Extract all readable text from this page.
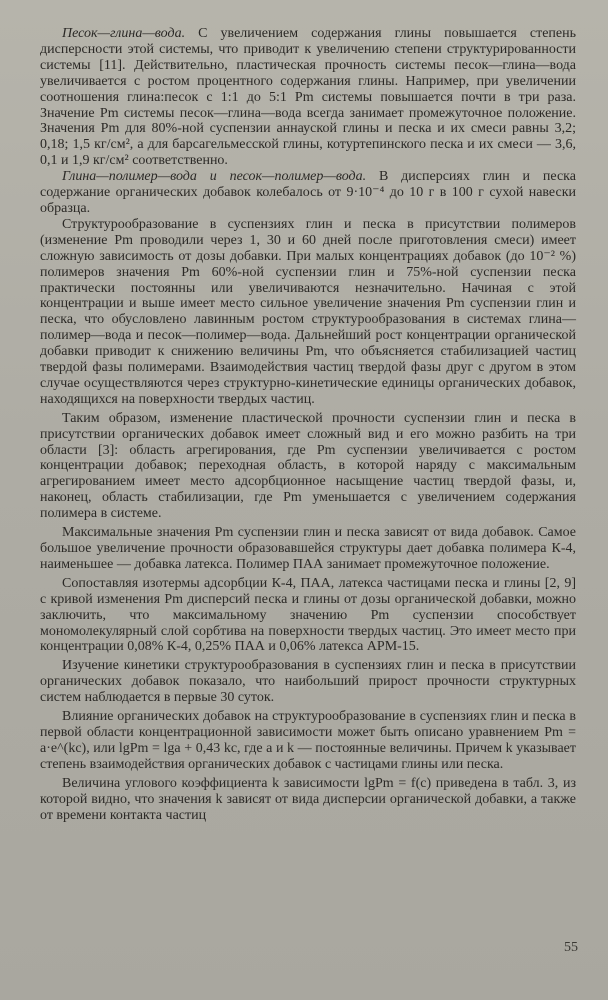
Песок—глина—вода. С увеличением содержания глины повышается степень дисперсности этой системы, что приводит к увеличению степени структурированности системы [11]. Действительно, пластическая прочность системы песок—глина—вода увеличивается с ростом процентного содержания глины. Например, при увеличении соотношения глина:песок с 1:1 до 5:1 Pm системы повышается почти в три раза. Значение Pm системы песок—глина—вода всегда занимает промежуточное положение. Значения Pm для 80%-ной суспензии аннауской глины и песка и их смеси равны 3,2; 0,18; 1,5 кг/см², а для барсагельмесской глины, котуртепинского песка и их смеси — 3,6, 0,1 и 1,9 кг/см² соответственно.

Глина—полимер—вода и песок—полимер—вода. В дисперсиях глин и песка содержание органических добавок колебалось от 9·10⁻⁴ до 10 г в 100 г сухой навески образца.

Структурообразование в суспензиях глин и песка в присутствии полимеров (изменение Pm проводили через 1, 30 и 60 дней после приготовления смеси) имеет сложную зависимость от дозы добавки. При малых концентрациях добавок (до 10⁻² %) полимеров значения Pm 60%-ной суспензии глин и 75%-ной суспензии песка практически постоянны или увеличиваются незначительно. Начиная с этой концентрации и выше имеет место сильное увеличение значения Pm суспензии глин и песка, что обусловлено лавинным ростом структурообразования в системах глина—полимер—вода и песок—полимер—вода. Дальнейший рост концентрации органической добавки приводит к снижению величины Pm, что объясняется стабилизацией частиц твердой фазы полимерами. Взаимодействия частиц твердой фазы друг с другом в этом случае осуществляются через структурно-кинетические единицы органических добавок, находящихся на поверхности твердых частиц.

Таким образом, изменение пластической прочности суспензии глин и песка в присутствии органических добавок имеет сложный вид и его можно разбить на три области [3]: область агрегирования, где Pm суспензии увеличивается с ростом концентрации добавок; переходная область, в которой наряду с максимальным агрегированием имеет место адсорбционное насыщение частиц твердой фазы, и, наконец, область стабилизации, где Pm уменьшается с увеличением содержания полимера в системе.

Максимальные значения Pm суспензии глин и песка зависят от вида добавок. Самое большое увеличение прочности образовавшейся структуры дает добавка полимера К-4, наименьшее — добавка латекса. Полимер ПАА занимает промежуточное положение.

Сопоставляя изотермы адсорбции К-4, ПАА, латекса частицами песка и глины [2, 9] с кривой изменения Pm дисперсий песка и глины от дозы органической добавки, можно заключить, что максимальному значению Pm суспензии способствует мономолекулярный слой сорбтива на поверхности твердых частиц. Это имеет место при концентрации 0,08% К-4, 0,25% ПАА и 0,06% латекса АРМ-15.

Изучение кинетики структурообразования в суспензиях глин и песка в присутствии органических добавок показало, что наибольший прирост прочности структурных систем наблюдается в первые 30 суток.

Влияние органических добавок на структурообразование в суспензиях глин и песка в первой области концентрационной зависимости может быть описано уравнением Pm = a·e^(kc), или lgPm = lga + 0,43 kc, где a и k — постоянные величины. Причем k указывает степень взаимодействия органических добавок с частицами глины или песка.

Величина углового коэффициента k зависимости lgPm = f(c) приведена в табл. 3, из которой видно, что значения k зависят от вида дисперсии органической добавки, а также от времени контакта частиц

55
